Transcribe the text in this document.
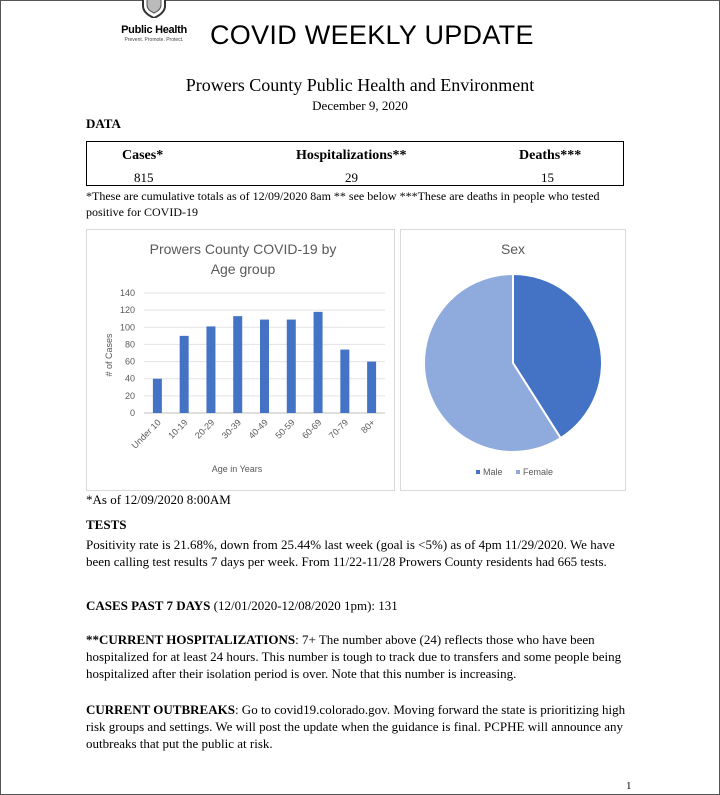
Public Health
Prevent. Promote. Protect. COVID WEEKLY UPDATE
Prowers County Public Health and Environment
December 9, 2020
DATA
Cases*
815
Hospitalizations**
29
Deaths***
15
*These are cumulative totals as of 12/09/2020 8am ** see below ***These are deaths in people who tested positive for COVID-19
Prowers County COVID-19 by
Age group
0
20
40
60
80
100
120
140
Under 10 10-19 20-29 30-39 40-49 50-59 60-69 70-79 80+
# of Cases
Age in Years
Sex
Male Female
*As of 12/09/2020 8:00AM
TESTS
Positivity rate is 21.68%, down from 25.44% last week (goal is <5%) as of 4pm 11/29/2020. We have been calling test results 7 days per week. From 11/22-11/28 Prowers County residents had 665 tests.
CASES PAST 7 DAYS (12/01/2020-12/08/2020 1pm): 131
**CURRENT HOSPITALIZATIONS: 7+ The number above (24) reflects those who have been hospitalized for at least 24 hours. This number is tough to track due to transfers and some people being hospitalized after their isolation period is over. Note that this number is increasing.
CURRENT OUTBREAKS: Go to covid19.colorado.gov. Moving forward the state is prioritizing high risk groups and settings. We will post the update when the guidance is final. PCPHE will announce any outbreaks that put the public at risk.
1
